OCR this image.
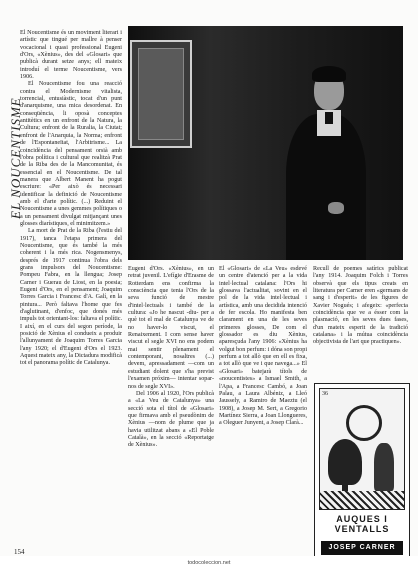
EL NOUCENTISME

El Noucentisme és un moviment literari i artístic que tingué per mallre à penser vocacional i quasi professional Eugeni d'Ors, «Xènius», des del «Glosari» que publicà durant setze anys; ell mateix introduí el terme Noucentisme, vers 1906.

El Noucentisme fou una reacció contra el Modernisme vitalista, torrencial, entusiàstic, tocat d'un punt d'anarquisme, una mica desordenat. En conseqüència, li oposà conceptes antitètics en un enfront de la Natura, la Cultura; enfront de la Ruralia, la Ciutat; enfront de l'Anarquia, la Norma; enfront de l'Espontaneïtat, l'Arbitrisme... La coincidència del pensament orsià amb l'obra política i cultural que realitzà Prat de la Riba des de la Mancomunitat, és essencial en el Noucentisme. De tal manera que Albert Manent ha pogut escriure: «Per això és necessari identificar la definició de Noucentisme amb el d'arte polític. (...) Reduint el Noucentisme a unes gemmes polítiques o a un pensament divulgat mitjançant unes glosses diarístiques, el minimitzem.»

La mort de Prat de la Riba (l'estiu del 1917), tanca l'etapa primera del Noucentisme, que és també la més coherent i la més rica. Nogensmenys, després de 1917 continua l'obra dels grans impulsors del Noucentisme: Pompeu Fabra, en la llengua; Josep Carner i Guerau de Liost, en la poesia; Eugeni d'Ors, en el pensament; Joaquim Torres Garcia i Francesc d'A. Galí, en la pintura... Però faltava l'home que fes d'aglutinant, d'enfoc, que donés més impuls tot orientant-los: faltava el polític. I així, en el curs del segon període, la posició de Xènius el condueix a produir l'allunyament de Joaquim Torres Garcia l'any 1920; el d'Eugeni d'Ors el 1923. Aquest mateix any, la Dictadura modificà tot el panorama polític de Catalunya.

Eugeni d'Ors. «Xènius», en un retrat juvenil. L'efígie d'Erasme de Rotterdam ens confirma la consciència que tenia l'Ors de la seva funció de mestre d'intel·lectuals i també de la cultura: «Jo he nascut -diu- per a què tot el mal de Catalunya ve de no haver-lo viscut, el Renaixement. I com sense haver viscut el segle XVI no ens podem mai sentir plenament el contemporani, nosaltres (...) devem, apressadament —com un estudiant dolent que s'ha previst l'examen próxim— intentar sopar-nos de segle XVI».

Del 1906 al 1920, l'Ors publicà a «La Veu de Catalunya» una secció sota el títol de «Glosari» que firmava amb el pseudònim de Xènius —nom de plume que ja havia utilitzat abans a «El Poble Català», en la secció «Reportatge de Xènius».

El «Glosari» de «La Veu» esdevé un centre d'atenció per a la vida intel·lectual catalana: l'Ors hi glossava l'actualitat, sovint en el pol de la vida intel·lectual i artística, amb una decidida intenció de fer escola. Ho manifesta ben clarament en una de les seves primeres glosses, De com el glossador es diu Xènius, aparesçuda l'any 1906: «Xènius ha volgut bon perfum: i dóna son propi perfum a tot allò que en ell es fixa, a tot allò que ve i que navega...» El «Glosari» batejarà títols de «noucentistes» a Ismael Smith, a l'Apa, a Francesc Cambó, a Joan Palau, a Laura Albéniz, a Lleó Jaussely, a Ramiro de Maeztu (el 1908), a Josep M. Sert, a Gregorio Martínez Sierra, a Joan Llongueres, a Oleguer Junyent, a Josep Clarà...

Recull de poemes satírics publicat l'any 1914. Joaquim Folch i Torres observà que els tipus creats en literatura per Carner eren «germans de sang i d'esperit» de les figures de Xavier Nogués; i afegeix: «perfecta coincidència que ve a ésser com la plasmació, en les seves dues fases, d'un mateix esperit de la tradició catalana» i la mútua coincidència objectivista de l'art que practiquen».

36
AUQUES I
VENTALLS
JOSEP CARNER
154
todocoleccion.net
